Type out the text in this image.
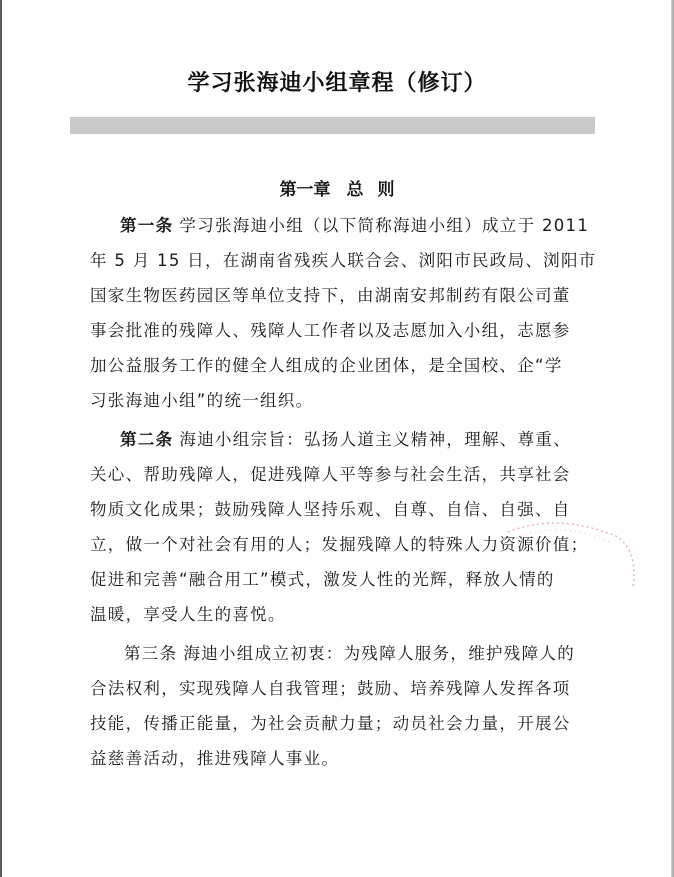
学习张海迪小组章程（修订）
第一章 总 则
第一条 学习张海迪小组（以下简称海迪小组）成立于 2011
年 5 月 15 日，在湖南省残疾人联合会、浏阳市民政局、浏阳市
国家生物医药园区等单位支持下，由湖南安邦制药有限公司董
事会批准的残障人、残障人工作者以及志愿加入小组，志愿参
加公益服务工作的健全人组成的企业团体，是全国校、企“学
习张海迪小组”的统一组织。
第二条 海迪小组宗旨：弘扬人道主义精神，理解、尊重、
关心、帮助残障人，促进残障人平等参与社会生活，共享社会
物质文化成果；鼓励残障人坚持乐观、自尊、自信、自强、自
立，做一个对社会有用的人；发掘残障人的特殊人力资源价值；
促进和完善“融合用工”模式，激发人性的光辉，释放人情的
温暖，享受人生的喜悦。
第三条 海迪小组成立初衷：为残障人服务，维护残障人的
合法权利，实现残障人自我管理；鼓励、培养残障人发挥各项
技能，传播正能量，为社会贡献力量；动员社会力量，开展公
益慈善活动，推进残障人事业。
